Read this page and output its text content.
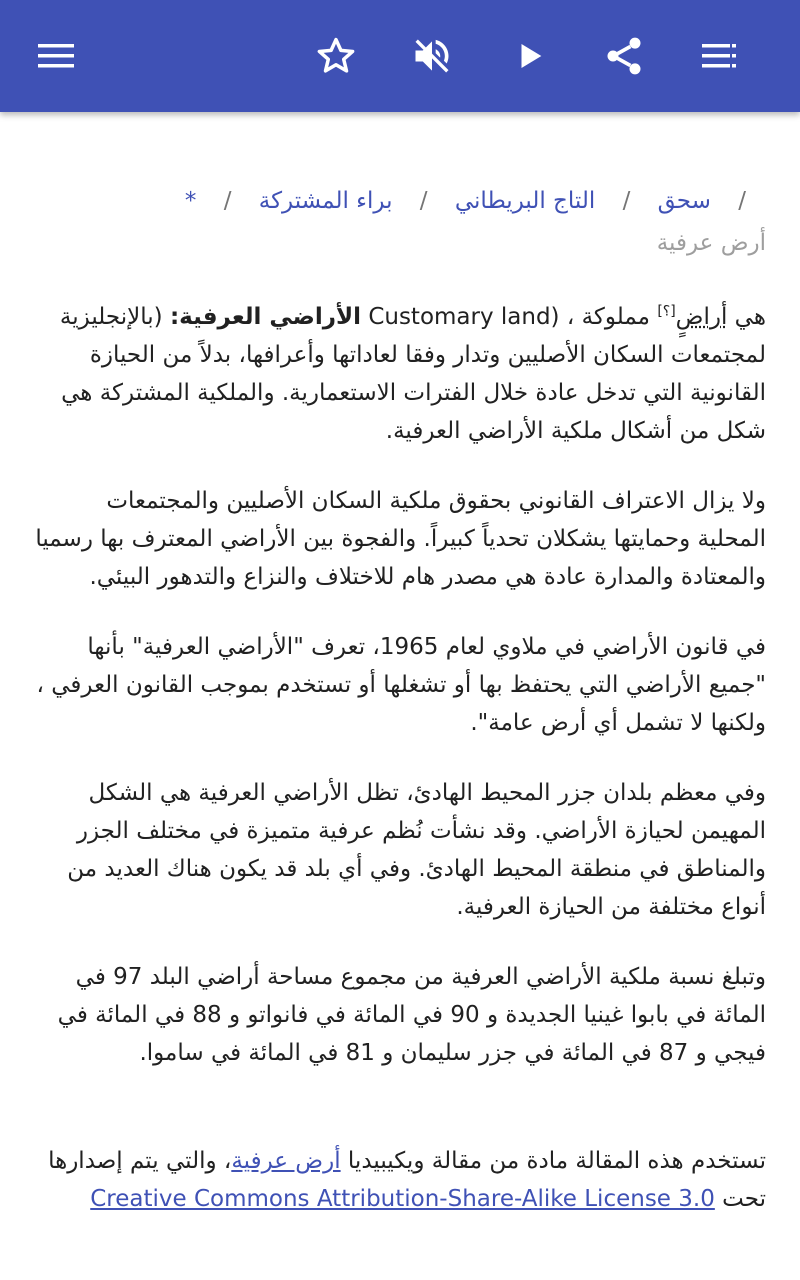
/ سحق / التاج البريطاني / براء المشتركة / *
أرض عرفية

هي أراضٍ[؟] مملوكة ، Customary land) :الأراضي العرفية (بالإنجليزية لمجتمعات السكان الأصليين وتدار وفقا لعاداتها وأعرافها، بدلاً من الحيازة القانونية التي تدخل عادة خلال الفترات الاستعمارية. والملكية المشتركة هي شكل من أشكال ملكية الأراضي العرفية.

ولا يزال الاعتراف القانوني بحقوق ملكية السكان الأصليين والمجتمعات المحلية وحمايتها يشكلان تحدياً كبيراً. والفجوة بين الأراضي المعترف بها رسميا والمعتادة والمدارة عادة هي مصدر هام للاختلاف والنزاع والتدهور البيئي.

في قانون الأراضي في ملاوي لعام 1965، تعرف "الأراضي العرفية" بأنها "جميع الأراضي التي يحتفظ بها أو تشغلها أو تستخدم بموجب القانون العرفي ، ولكنها لا تشمل أي أرض عامة".

وفي معظم بلدان جزر المحيط الهادئ، تظل الأراضي العرفية هي الشكل المهيمن لحيازة الأراضي. وقد نشأت نُظم عرفية متميزة في مختلف الجزر والمناطق في منطقة المحيط الهادئ. وفي أي بلد قد يكون هناك العديد من أنواع مختلفة من الحيازة العرفية.

وتبلغ نسبة ملكية الأراضي العرفية من مجموع مساحة أراضي البلد 97 في المائة في بابوا غينيا الجديدة و 90 في المائة في فانواتو و 88 في المائة في فيجي و 87 في المائة في جزر سليمان و 81 في المائة في ساموا.

تستخدم هذه المقالة مادة من مقالة ويكيبيديا أرض عرفية، والتي يتم إصدارها تحت Creative Commons Attribution-Share-Alike License 3.0
